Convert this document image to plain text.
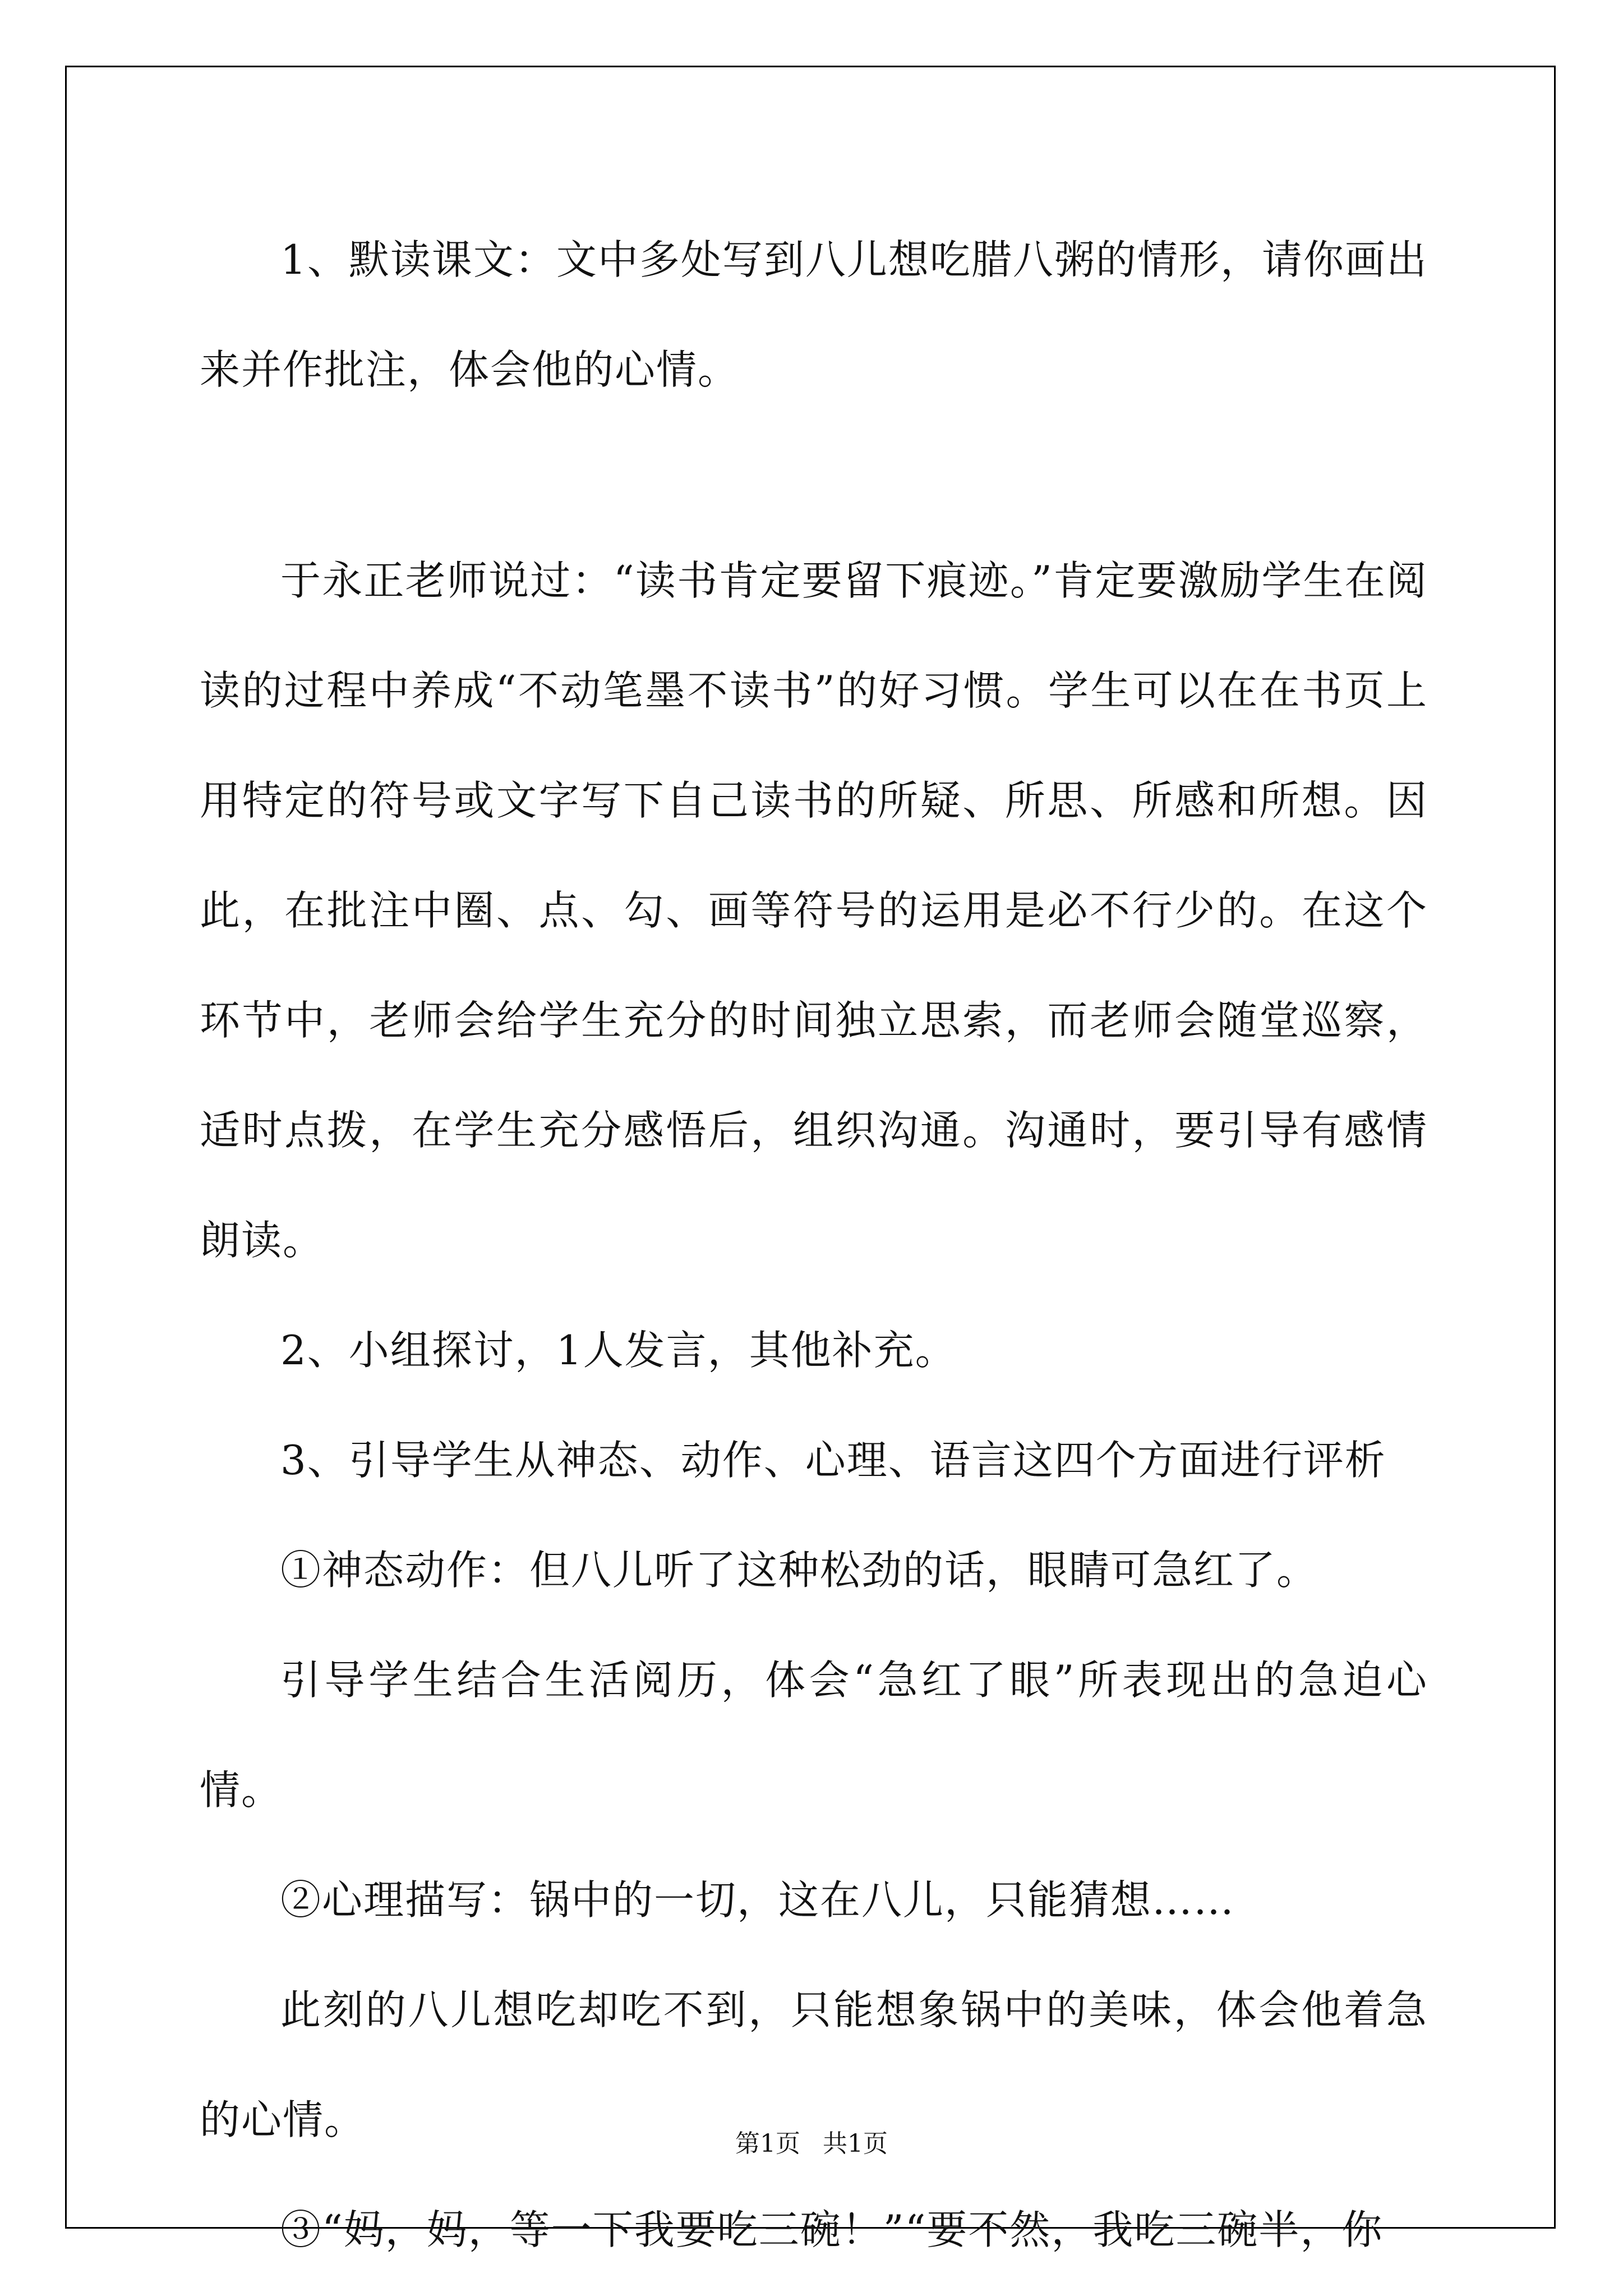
1、默读课文：文中多处写到八儿想吃腊八粥的情形，请你画出来并作批注，体会他的心情。

于永正老师说过：“读书肯定要留下痕迹。”肯定要激励学生在阅读的过程中养成“不动笔墨不读书”的好习惯。学生可以在在书页上用特定的符号或文字写下自己读书的所疑、所思、所感和所想。因此，在批注中圈、点、勾、画等符号的运用是必不行少的。在这个环节中，老师会给学生充分的时间独立思索，而老师会随堂巡察，适时点拨，在学生充分感悟后，组织沟通。沟通时，要引导有感情朗读。

2、小组探讨，1人发言，其他补充。

3、引导学生从神态、动作、心理、语言这四个方面进行评析

①神态动作：但八儿听了这种松劲的话，眼睛可急红了。

引导学生结合生活阅历，体会“急红了眼”所表现出的急迫心情。

②心理描写：锅中的一切，这在八儿，只能猜想……

此刻的八儿想吃却吃不到，只能想象锅中的美味，体会他着急的心情。

③“妈，妈，等一下我要吃三碗！”“要不然，我吃三碗半，你

第1页 共1页
